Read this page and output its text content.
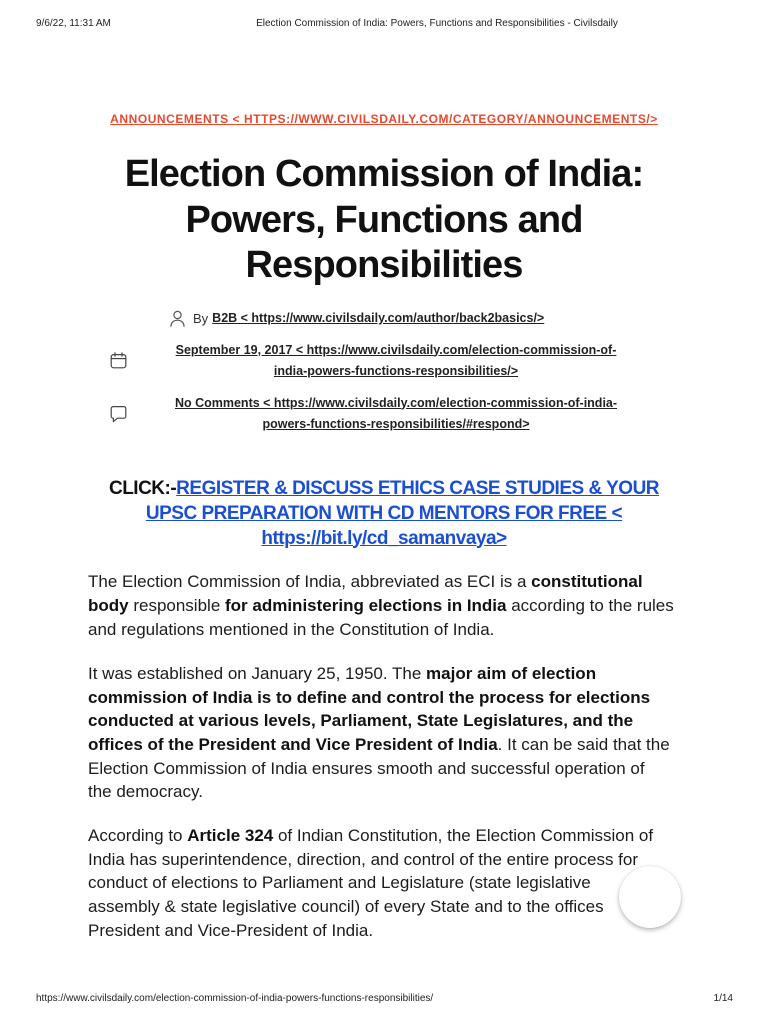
9/6/22, 11:31 AM	Election Commission of India: Powers, Functions and Responsibilities - Civilsdaily
ANNOUNCEMENTS < HTTPS://WWW.CIVILSDAILY.COM/CATEGORY/ANNOUNCEMENTS/>
Election Commission of India: Powers, Functions and Responsibilities
By B2B < https://www.civilsdaily.com/author/back2basics/>
September 19, 2017 < https://www.civilsdaily.com/election-commission-of-
india-powers-functions-responsibilities/>
No Comments < https://www.civilsdaily.com/election-commission-of-india-
powers-functions-responsibilities/#respond>
CLICK:-REGISTER & DISCUSS ETHICS CASE STUDIES & YOUR
UPSC PREPARATION WITH CD MENTORS FOR FREE <
https://bit.ly/cd_samanvaya>

The Election Commission of India, abbreviated as ECI is a constitutional
body responsible for administering elections in India according to the rules
and regulations mentioned in the Constitution of India.

It was established on January 25, 1950. The major aim of election
commission of India is to define and control the process for elections
conducted at various levels, Parliament, State Legislatures, and the
offices of the President and Vice President of India. It can be said that the
Election Commission of India ensures smooth and successful operation of
the democracy.

According to Article 324 of Indian Constitution, the Election Commission of
India has superintendence, direction, and control of the entire process for
conduct of elections to Parliament and Legislature (state legislative
assembly & state legislative council) of every State and to the offices
President and Vice-President of India.

https://www.civilsdaily.com/election-commission-of-india-powers-functions-responsibilities/	1/14
